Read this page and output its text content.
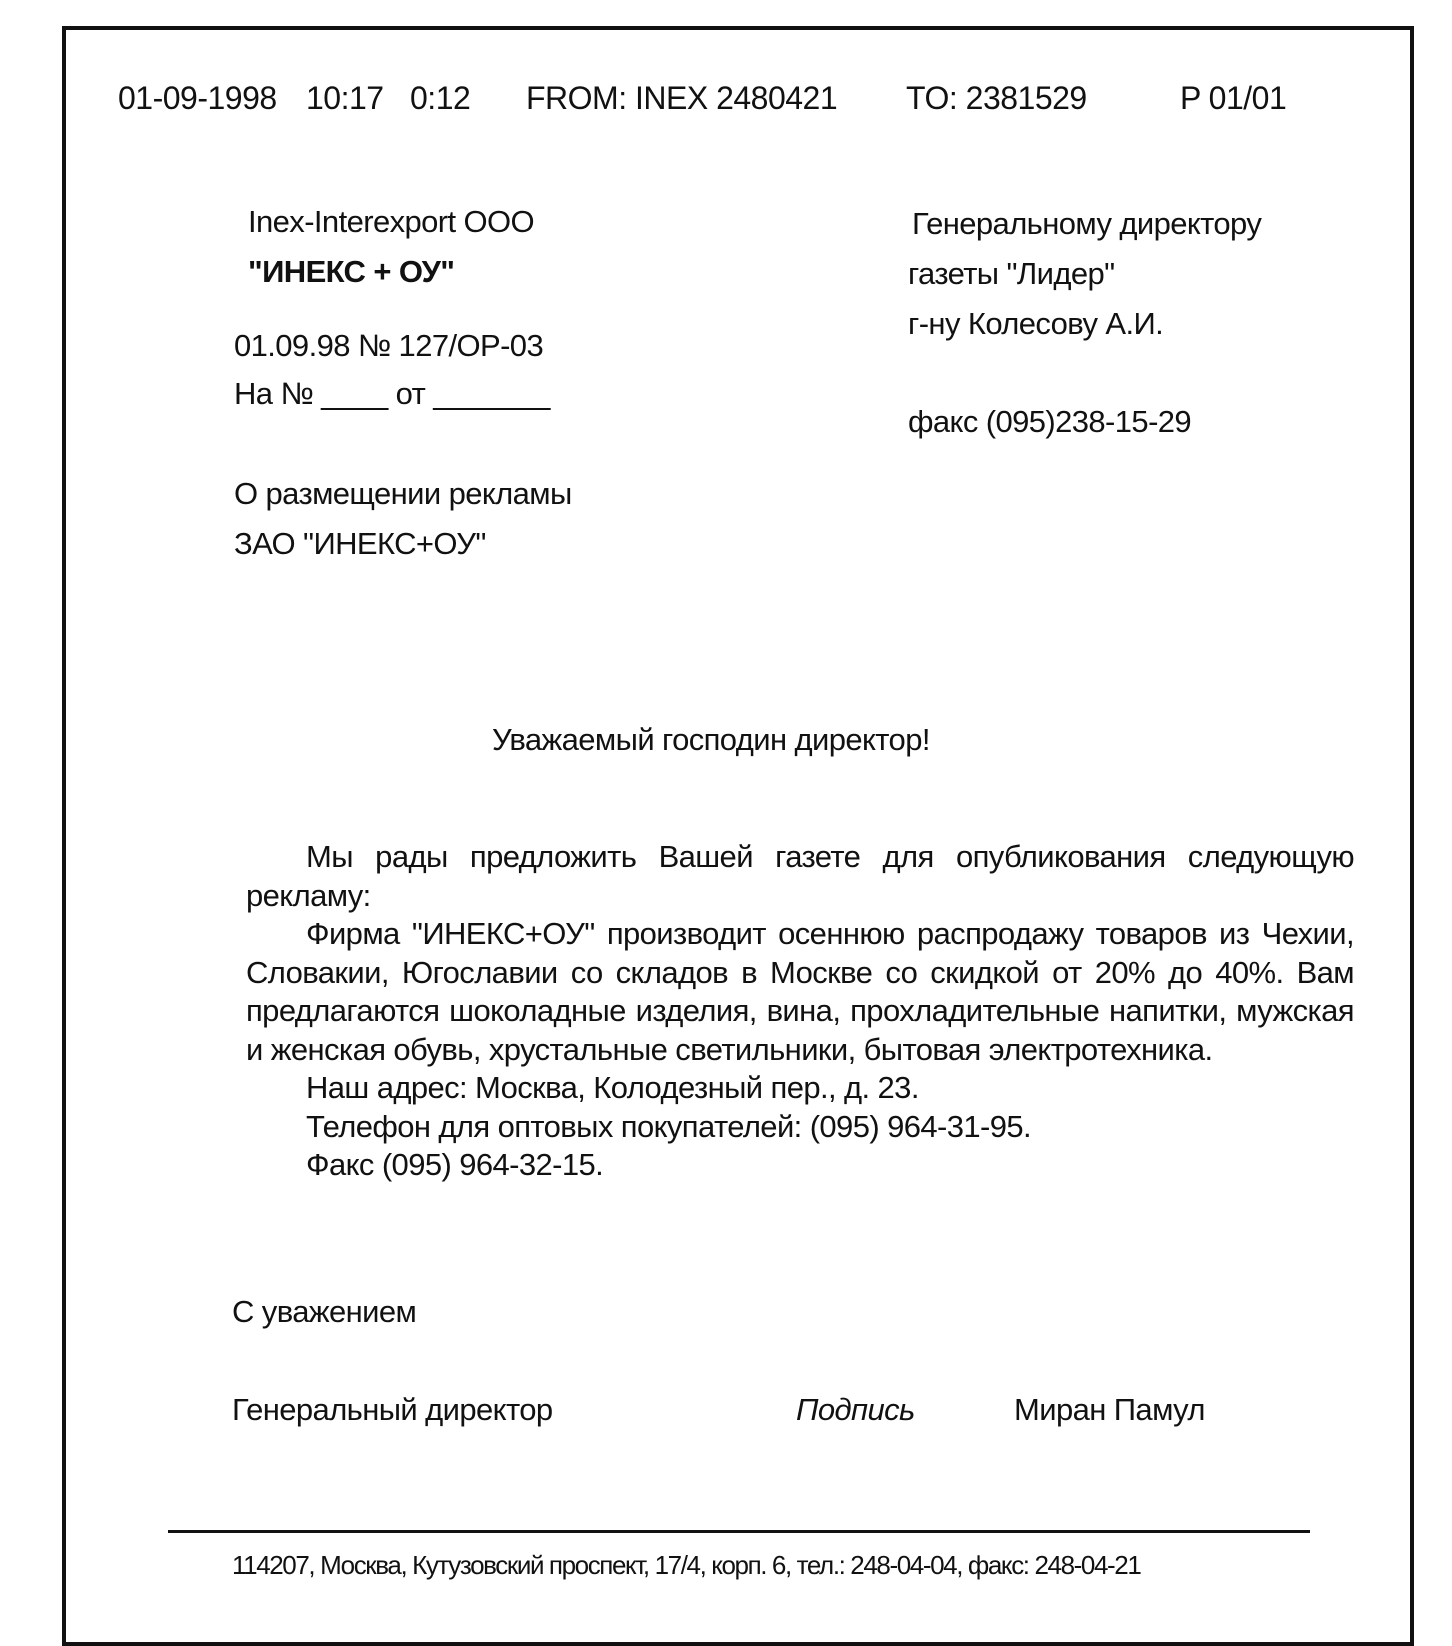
01-09-1998 10:17 0:12 FROM: INEX 2480421 TO: 2381529	P 01/01
Inex-Interexport OOO
"ИНЕКС + ОУ"
01.09.98 № 127/ОР-03
На № ____ от _______
Генеральному директору
газеты "Лидер"
г-ну Колесову А.И.
факс (095)238-15-29
О размещении рекламы
ЗАО "ИНЕКС+ОУ"
Уважаемый господин директор!

Мы рады предложить Вашей газете для опубликования следующую рекламу:

Фирма "ИНЕКС+ОУ" производит осеннюю распродажу товаров из Чехии, Словакии, Югославии со складов в Москве со скидкой от 20% до 40%. Вам предлагаются шоколадные изделия, вина, прохладительные напитки, мужская и женская обувь, хрустальные светильники, бытовая электротехника.

Наш адрес: Москва, Колодезный пер., д. 23.

Телефон для оптовых покупателей: (095) 964-31-95.

Факс (095) 964-32-15.

С уважением
Генеральный директор	Подпись	Миран Памул
114207, Москва, Кутузовский проспект, 17/4, корп. 6, тел.: 248-04-04, факс: 248-04-21
